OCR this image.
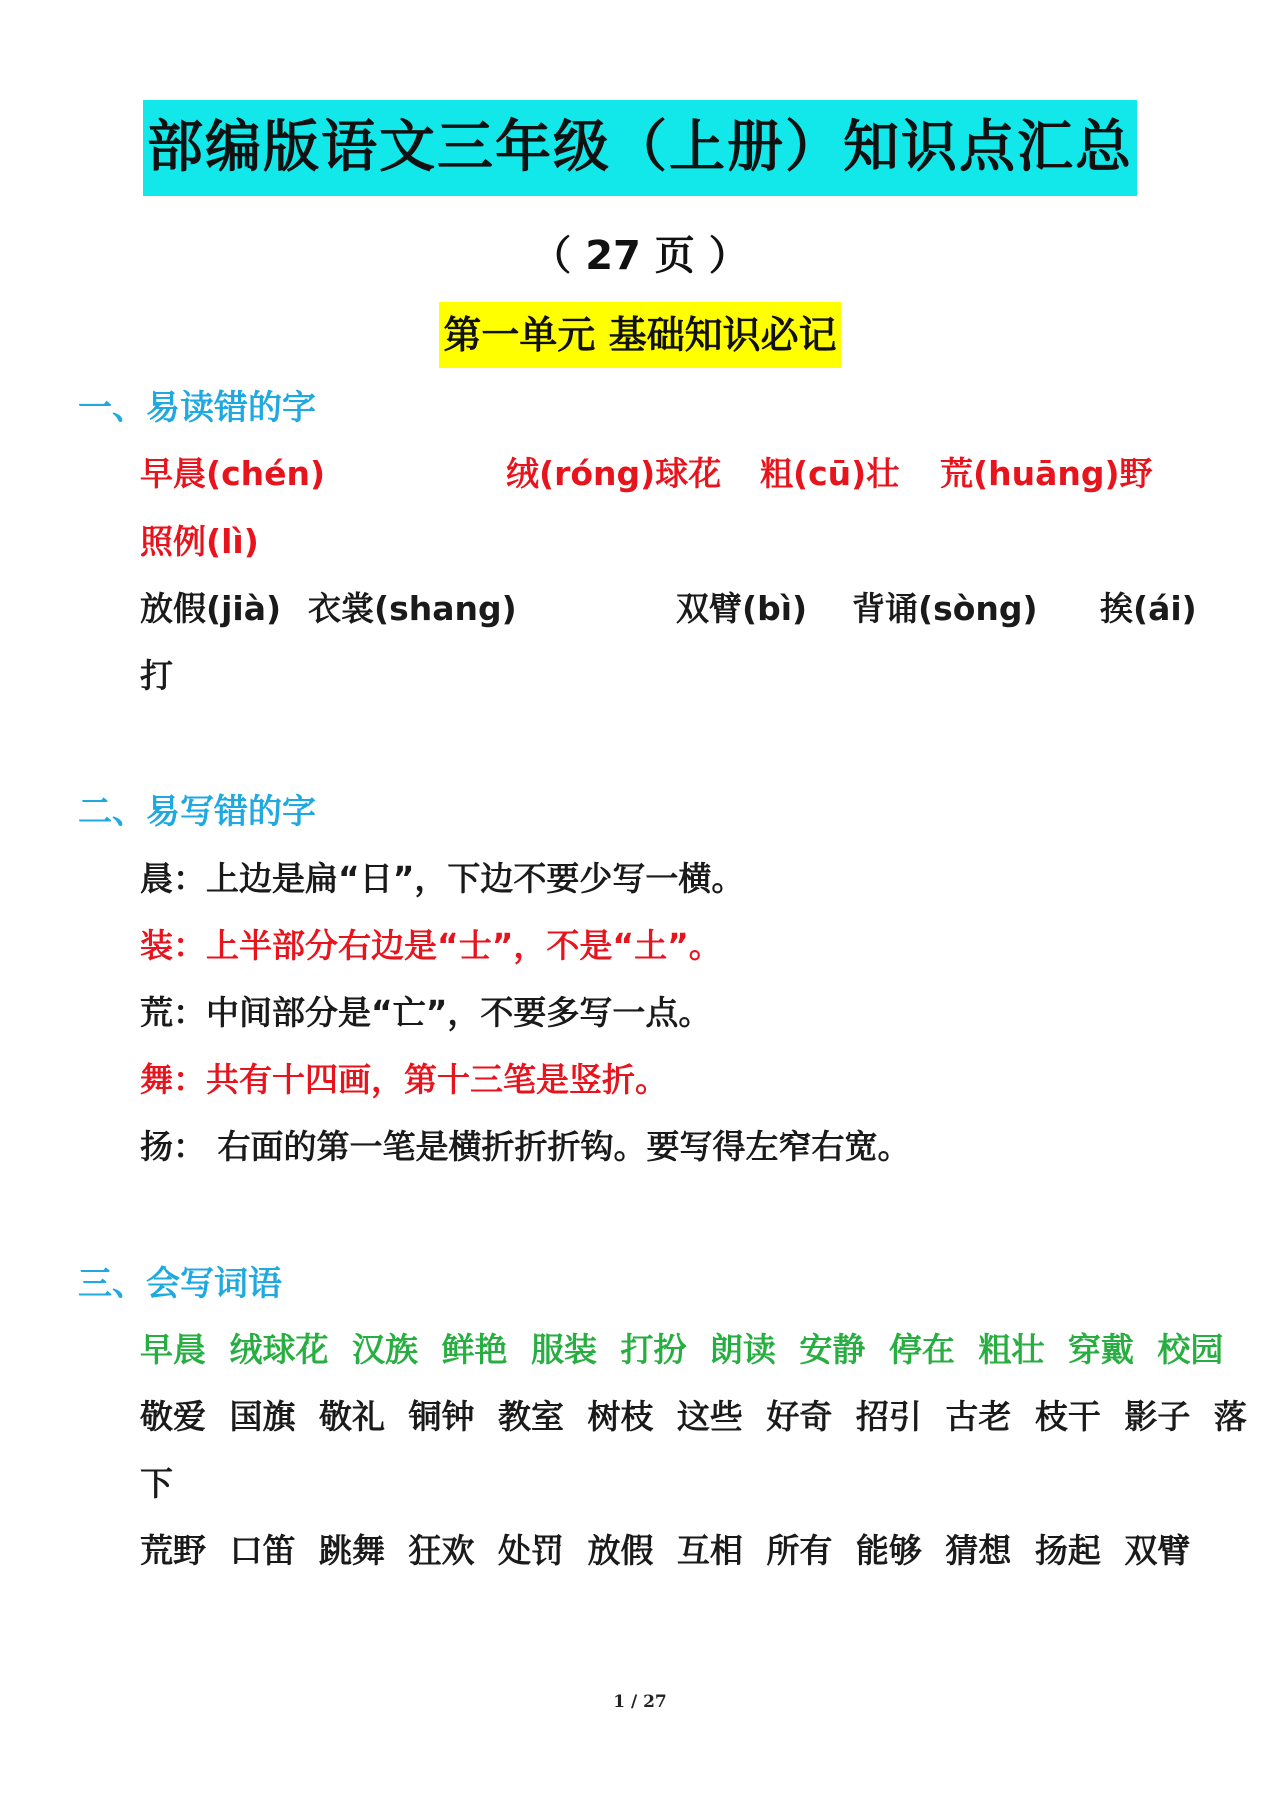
部编版语文三年级（上册）知识点汇总
（ 27 页 ）
第一单元 基础知识必记
一、易读错的字
早晨(chén)	绒(róng)球花 粗(cū)壮 荒(huāng)野
照例(lì)
放假(jià) 衣裳(shang)	双臂(bì) 背诵(sòng) 挨(ái)
打
二、易写错的字
晨：上边是扁“日”，下边不要少写一横。
装：上半部分右边是“士”，不是“土”。
荒：中间部分是“亡”，不要多写一点。
舞：共有十四画，第十三笔是竖折。
扬： 右面的第一笔是横折折折钩。要写得左窄右宽。
三、会写词语
早晨 绒球花 汉族 鲜艳 服装 打扮 朗读 安静 停在 粗壮 穿戴 校园
敬爱 国旗 敬礼 铜钟 教室 树枝 这些 好奇 招引 古老 枝干 影子 落
下
荒野 口笛 跳舞 狂欢 处罚 放假 互相 所有 能够 猜想 扬起 双臂
1 / 27
